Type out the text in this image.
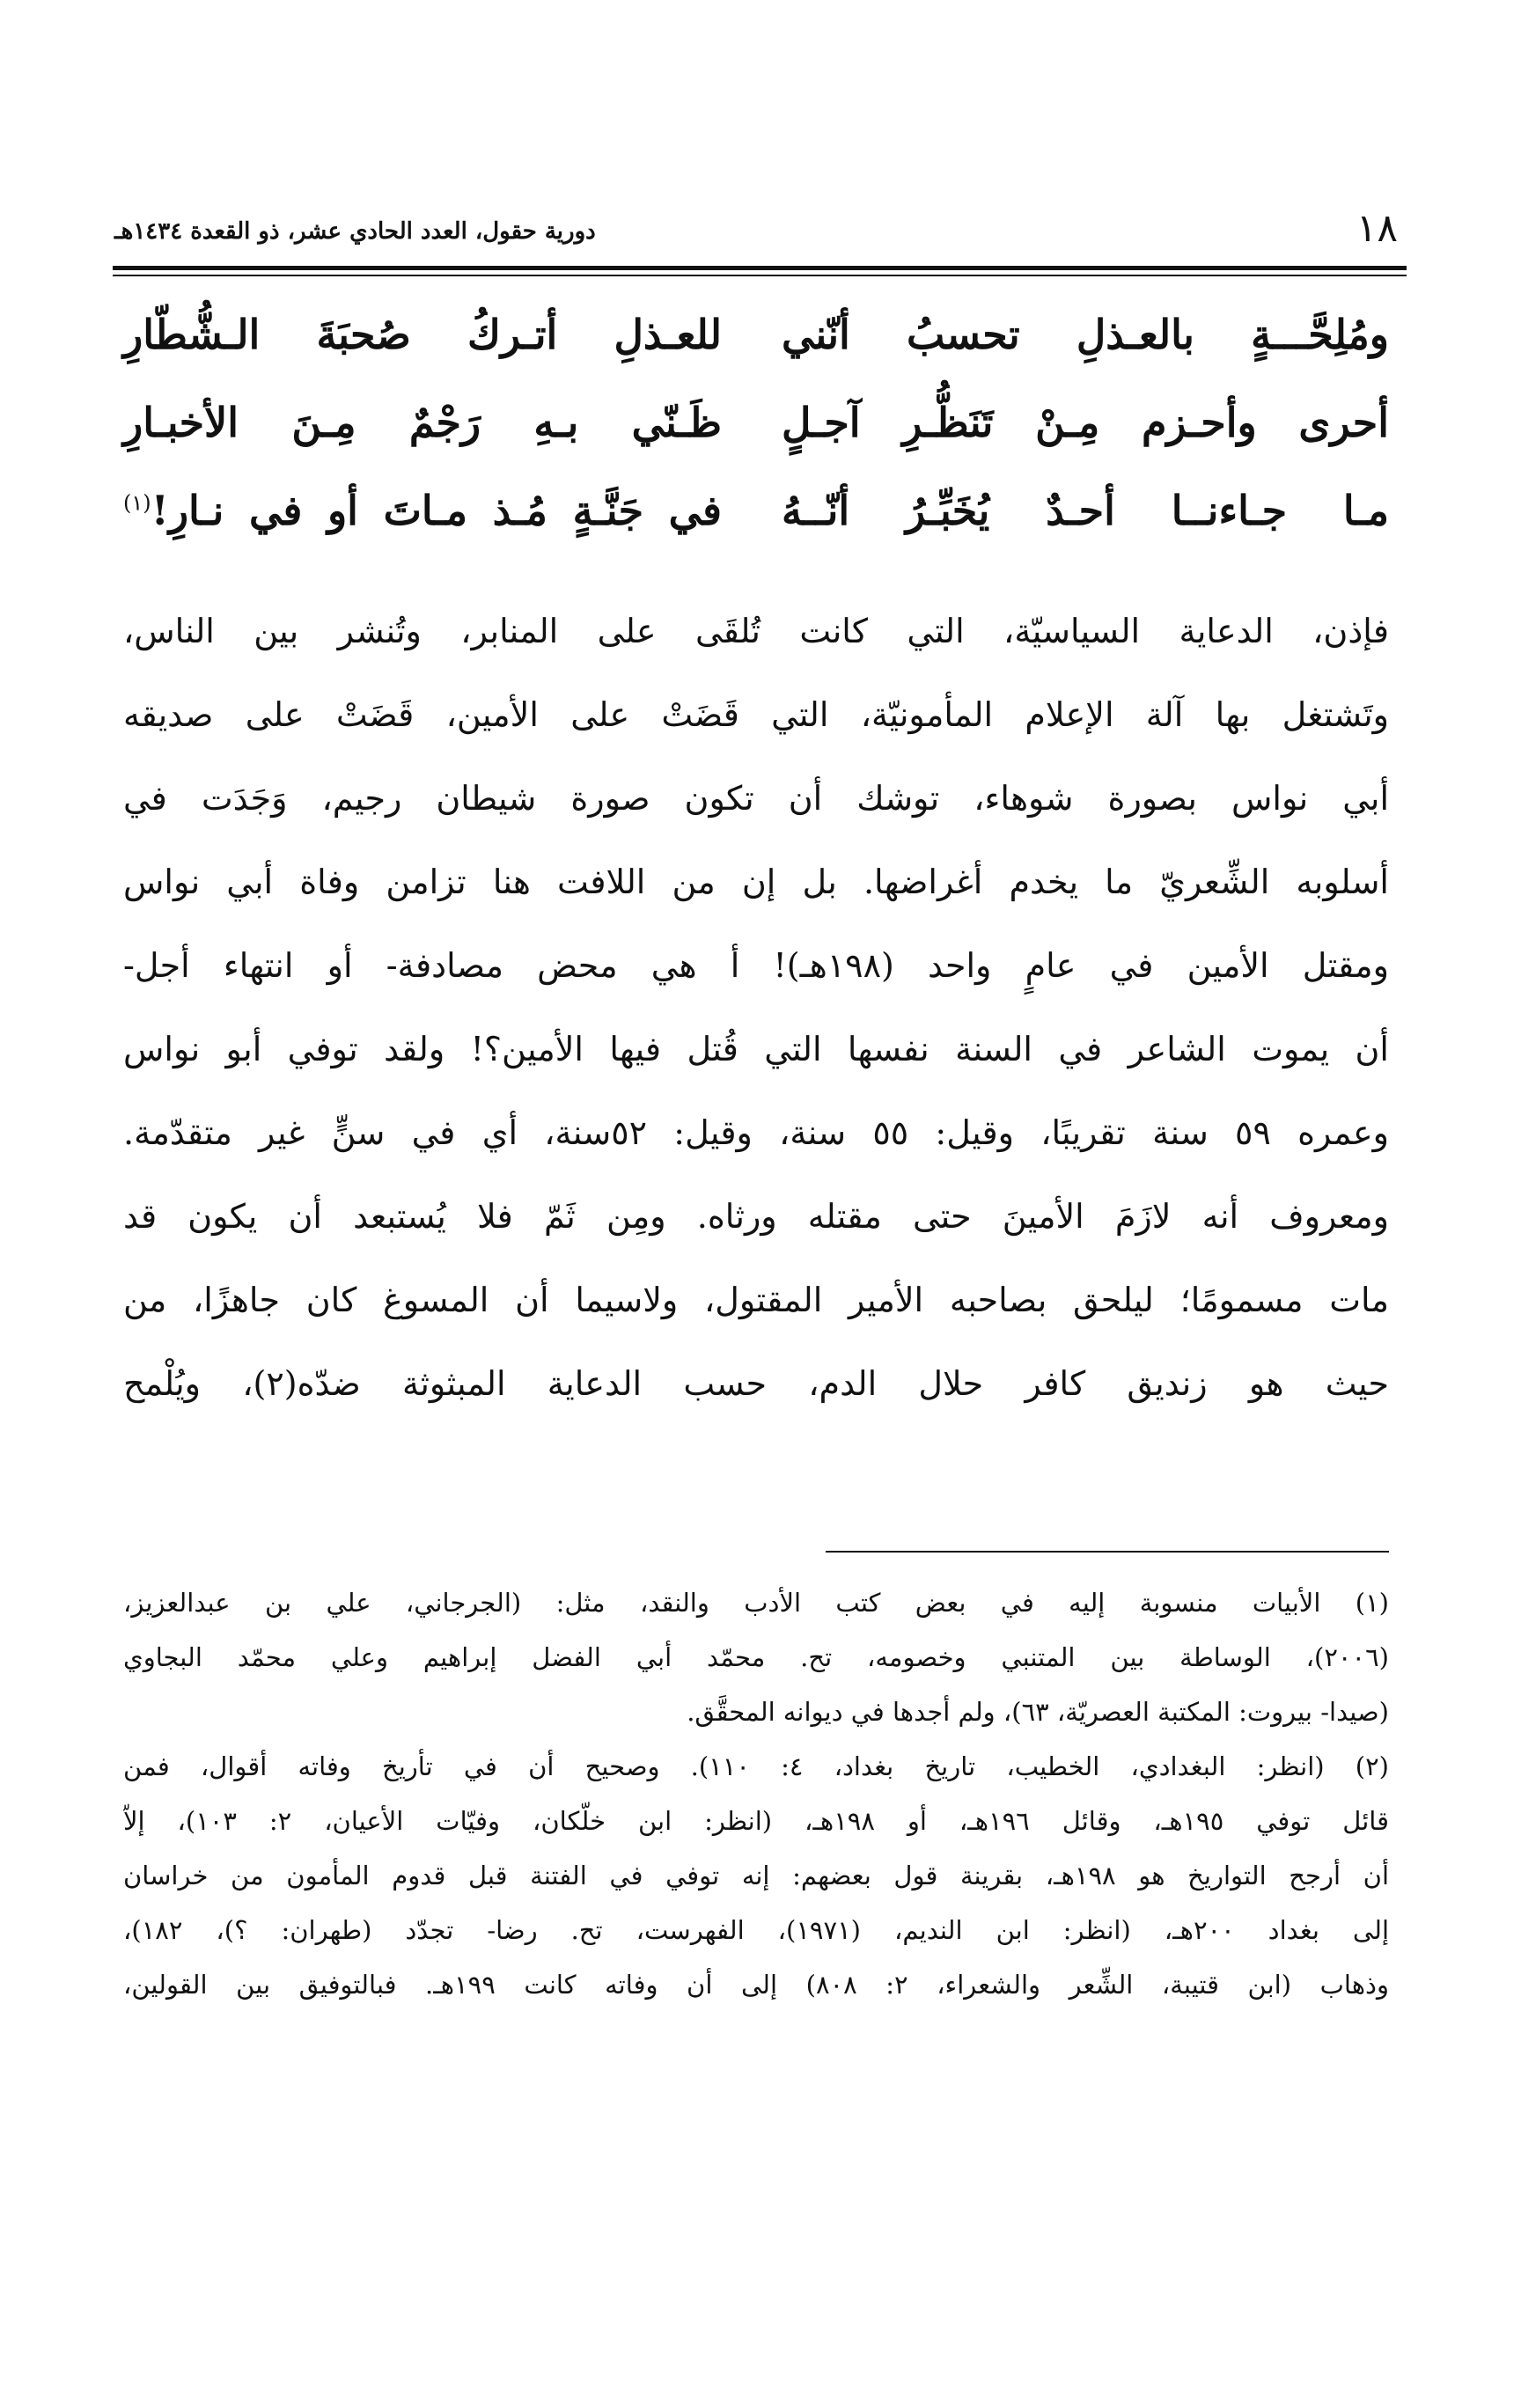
١٨
دورية حقول، العدد الحادي عشر، ذو القعدة ١٤٣٤هـ
ومُلِحَّـــةٍ بالعـذلِ تحسبُ أنّني
للعـذلِ أتـركُ صُحبَةَ الـشُّطّارِ
أحرى وأحـزم مِـنْ تَنَظُّـرِ آجـلٍ
ظَـنّي بـهِ رَجْمٌ مِـنَ الأخبـارِ
مـا جـاءنــا أحـدٌ يُخَبِّـرُ أنّــهُ
في جَنَّـةٍ مُـذ مـاتَ أو في نـارِ!$^{(١)}$
فإذن، الدعاية السياسيّة، التي كانت تُلقَى على المنابر، وتُنشر بين الناس،
وتَشتغل بها آلة الإعلام المأمونيّة، التي قَضَتْ على الأمين، قَضَتْ على صديقه
أبي نواس بصورة شوهاء، توشك أن تكون صورة شيطان رجيم، وَجَدَت في
أسلوبه الشِّعريّ ما يخدم أغراضها. بل إن من اللافت هنا تزامن وفاة أبي نواس
ومقتل الأمين في عامٍ واحد (١٩٨هـ)! أ هي محض مصادفة- أو انتهاء أجل-
أن يموت الشاعر في السنة نفسها التي قُتل فيها الأمين؟! ولقد توفي أبو نواس
وعمره ٥٩ سنة تقريبًا، وقيل: ٥٥ سنة، وقيل: ٥٢سنة، أي في سنٍّ غير متقدّمة.
ومعروف أنه لازَمَ الأمينَ حتى مقتله ورثاه. ومِن ثَمّ فلا يُستبعد أن يكون قد
مات مسمومًا؛ ليلحق بصاحبه الأمير المقتول، ولاسيما أن المسوغ كان جاهزًا، من
حيث هو زنديق كافر حلال الدم، حسب الدعاية المبثوثة ضدّه(٢)، ويُلْمح
(١) الأبيات منسوبة إليه في بعض كتب الأدب والنقد، مثل: (الجرجاني، علي بن عبدالعزيز،
(٢٠٠٦)، الوساطة بين المتنبي وخصومه، تح. محمّد أبي الفضل إبراهيم وعلي محمّد البجاوي
(صيدا- بيروت: المكتبة العصريّة، ٦٣)، ولم أجدها في ديوانه المحقَّق.
(٢) (انظر: البغدادي، الخطيب، تاريخ بغداد، ٤: ١١٠). وصحيح أن في تأريخ وفاته أقوال، فمن
قائل توفي ١٩٥هـ، وقائل ١٩٦هـ، أو ١٩٨هـ، (انظر: ابن خلّكان، وفيّات الأعيان، ٢: ١٠٣)، إلاّ
أن أرجح التواريخ هو ١٩٨هـ، بقرينة قول بعضهم: إنه توفي في الفتنة قبل قدوم المأمون من خراسان
إلى بغداد ٢٠٠هـ، (انظر: ابن النديم، (١٩٧١)، الفهرست، تح. رضا- تجدّد (طهران: ؟)، ١٨٢)،
وذهاب (ابن قتيبة، الشِّعر والشعراء، ٢: ٨٠٨) إلى أن وفاته كانت ١٩٩هـ. فبالتوفيق بين القولين،
